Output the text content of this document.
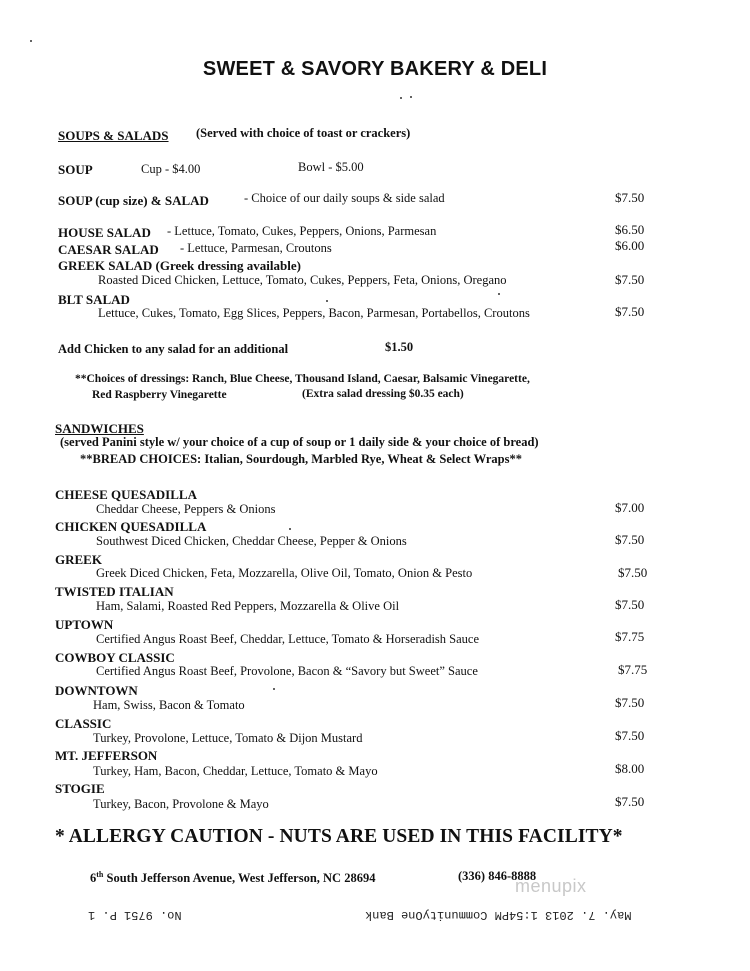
SWEET & SAVORY BAKERY & DELI
SOUPS & SALADS (Served with choice of toast or crackers)
SOUP	Cup - $4.00	Bowl - $5.00
SOUP (cup size) & SALAD	- Choice of our daily soups & side salad	$7.50
HOUSE SALAD - Lettuce, Tomato, Cukes, Peppers, Onions, Parmesan	$6.50
CAESAR SALAD - Lettuce, Parmesan, Croutons	$6.00
GREEK SALAD (Greek dressing available)
Roasted Diced Chicken, Lettuce, Tomato, Cukes, Peppers, Feta, Onions, Oregano	$7.50
BLT SALAD
Lettuce, Cukes, Tomato, Egg Slices, Peppers, Bacon, Parmesan, Portabellos, Croutons	$7.50
Add Chicken to any salad for an additional	$1.50
**Choices of dressings: Ranch, Blue Cheese, Thousand Island, Caesar, Balsamic Vinegarette,
Red Raspberry Vinegarette	(Extra salad dressing $0.35 each)
SANDWICHES
(served Panini style w/ your choice of a cup of soup or 1 daily side & your choice of bread)
**BREAD CHOICES: Italian, Sourdough, Marbled Rye, Wheat & Select Wraps**
CHEESE QUESADILLA
Cheddar Cheese, Peppers & Onions	$7.00
CHICKEN QUESADILLA
Southwest Diced Chicken, Cheddar Cheese, Pepper & Onions	$7.50
GREEK
Greek Diced Chicken, Feta, Mozzarella, Olive Oil, Tomato, Onion & Pesto	$7.50
TWISTED ITALIAN
Ham, Salami, Roasted Red Peppers, Mozzarella & Olive Oil	$7.50
UPTOWN
Certified Angus Roast Beef, Cheddar, Lettuce, Tomato & Horseradish Sauce	$7.75
COWBOY CLASSIC
Certified Angus Roast Beef, Provolone, Bacon & “Savory but Sweet” Sauce	$7.75
DOWNTOWN
Ham, Swiss, Bacon & Tomato	$7.50
CLASSIC
Turkey, Provolone, Lettuce, Tomato & Dijon Mustard	$7.50
MT. JEFFERSON
Turkey, Ham, Bacon, Cheddar, Lettuce, Tomato & Mayo	$8.00
STOGIE
Turkey, Bacon, Provolone & Mayo	$7.50
* ALLERGY CAUTION - NUTS ARE USED IN THIS FACILITY*
6th South Jefferson Avenue, West Jefferson, NC 28694	(336) 846-8888
menupix
No. 9751 P. 1	May. 7. 2013 1:54PM CommunityOne Bank
